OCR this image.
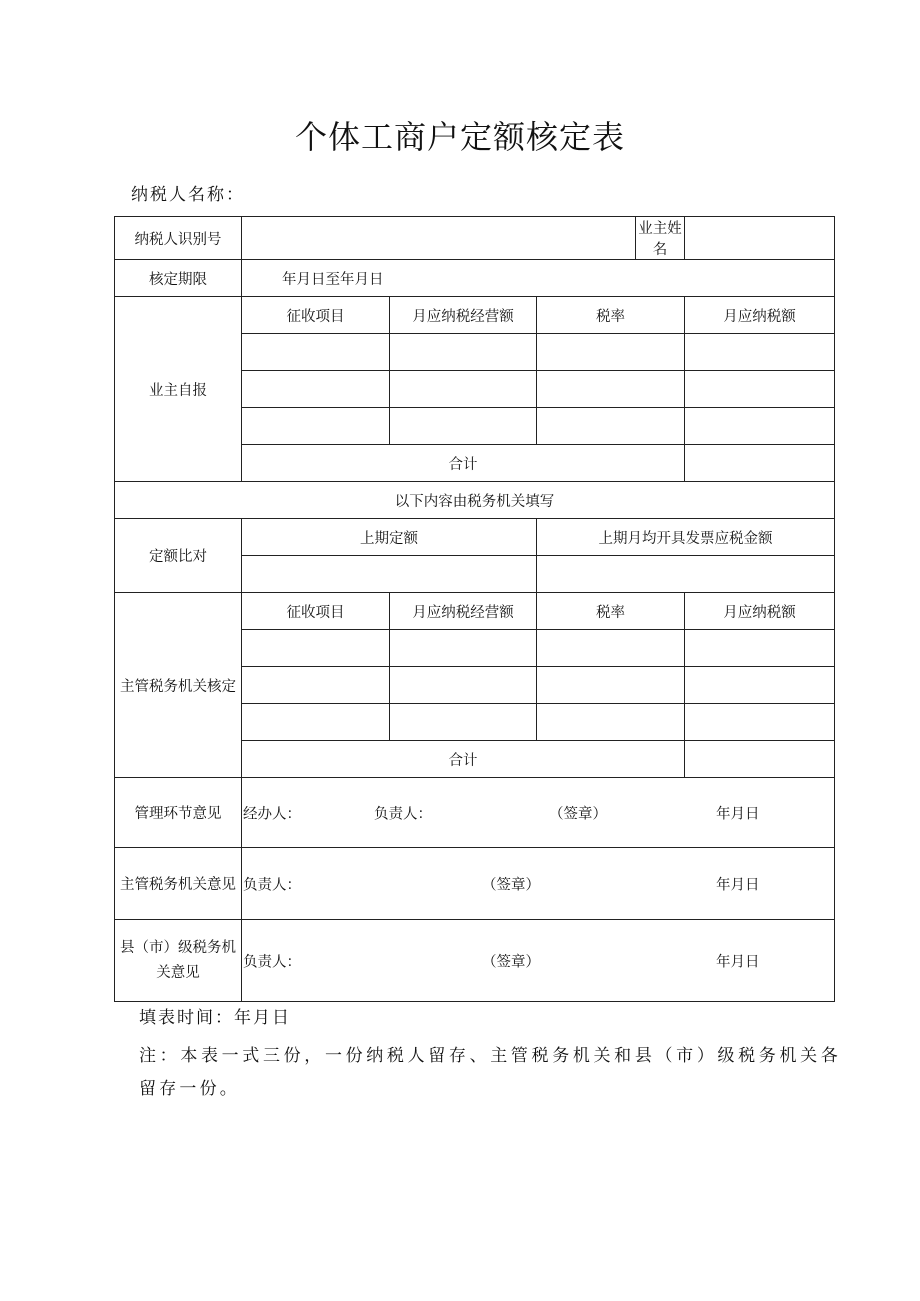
个体工商户定额核定表
纳税人名称：
纳税人识别号				业主姓名	
核定期限	年月日至年月日				
业主自报	征收项目	月应纳税经营额	税率		月应纳税额

	合计				
以下内容由税务机关填写					
定额比对	上期定额		上期月均开具发票应税金额		

主管税务机关核定	征收项目	月应纳税经营额	税率		月应纳税额

	合计				
管理环节意见	经办人： 负责人： （签章） 年月日				

主管税务机关意见	负责人： （签章） 年月日				

县（市）级税务机关意见	负责人： （签章） 年月日				
填表时间：年月日
注：本表一式三份，一份纳税人留存、主管税务机关和县（市）级税务机关各留存一份。
